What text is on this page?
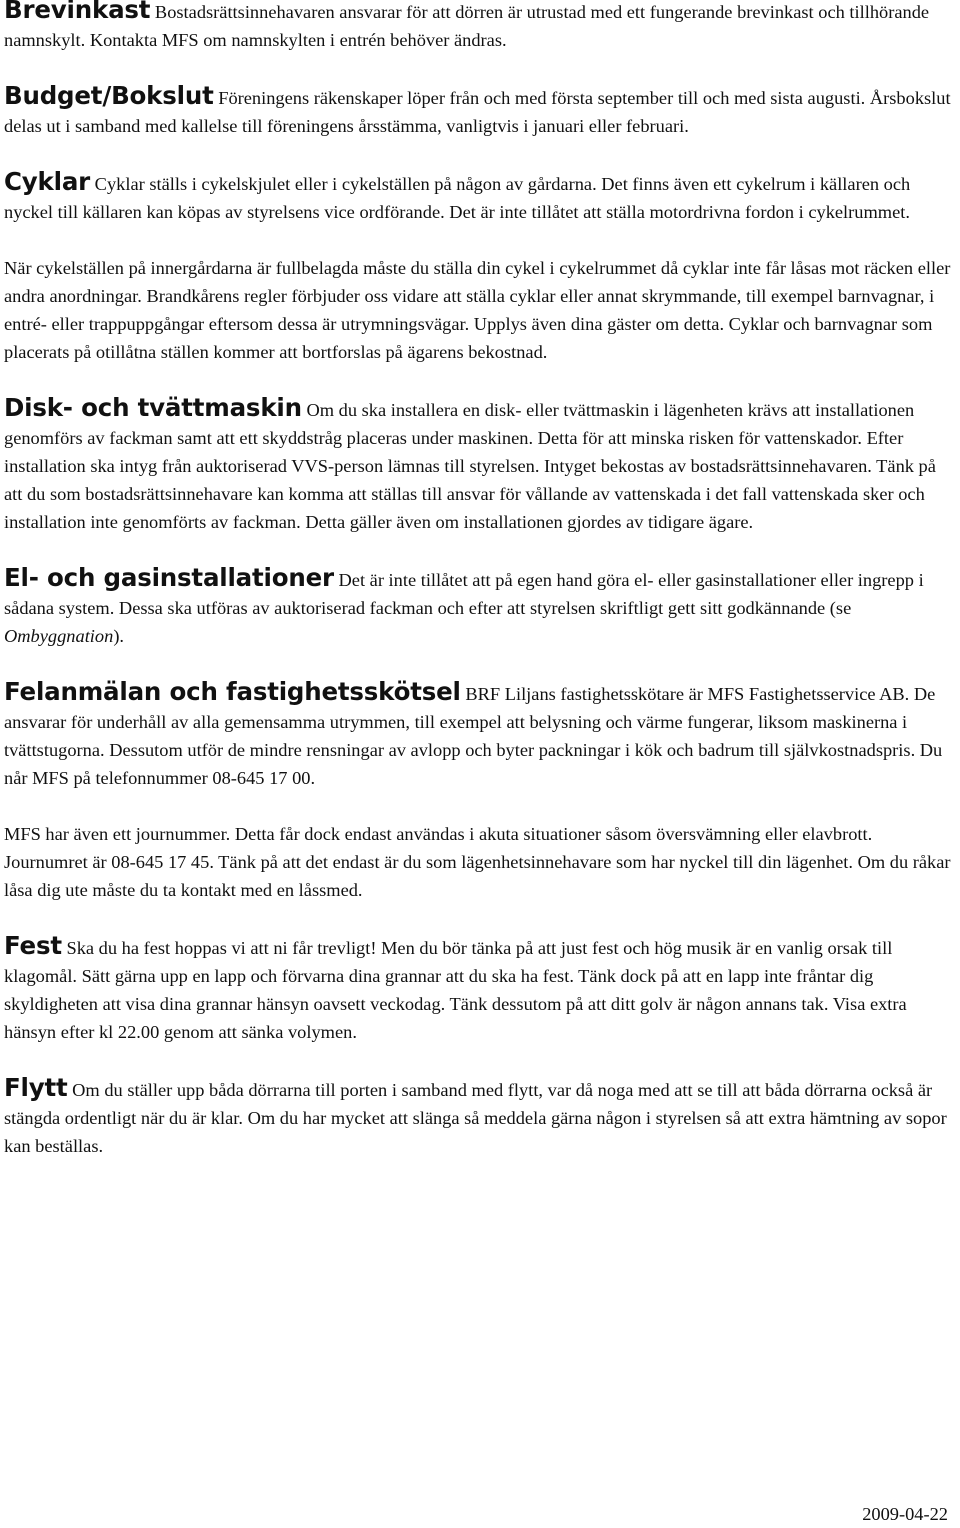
Brevinkast Bostadsrättsinnehavaren ansvarar för att dörren är utrustad med ett fungerande brevinkast och tillhörande namnskylt. Kontakta MFS om namnskylten i entrén behöver ändras.

Budget/Bokslut Föreningens räkenskaper löper från och med första september till och med sista augusti. Årsbokslut delas ut i samband med kallelse till föreningens årsstämma, vanligtvis i januari eller februari.

Cyklar Cyklar ställs i cykelskjulet eller i cykelställen på någon av gårdarna. Det finns även ett cykelrum i källaren och nyckel till källaren kan köpas av styrelsens vice ordförande. Det är inte tillåtet att ställa motordrivna fordon i cykelrummet.

När cykelställen på innergårdarna är fullbelagda måste du ställa din cykel i cykelrummet då cyklar inte får låsas mot räcken eller andra anordningar. Brandkårens regler förbjuder oss vidare att ställa cyklar eller annat skrymmande, till exempel barnvagnar, i entré- eller trappuppgångar eftersom dessa är utrymningsvägar. Upplys även dina gäster om detta. Cyklar och barnvagnar som placerats på otillåtna ställen kommer att bortforslas på ägarens bekostnad.

Disk- och tvättmaskin Om du ska installera en disk- eller tvättmaskin i lägenheten krävs att installationen genomförs av fackman samt att ett skyddstråg placeras under maskinen. Detta för att minska risken för vattenskador. Efter installation ska intyg från auktoriserad VVS-person lämnas till styrelsen. Intyget bekostas av bostadsrättsinnehavaren. Tänk på att du som bostadsrättsinnehavare kan komma att ställas till ansvar för vållande av vattenskada i det fall vattenskada sker och installation inte genomförts av fackman. Detta gäller även om installationen gjordes av tidigare ägare.

El- och gasinstallationer Det är inte tillåtet att på egen hand göra el- eller gasinstallationer eller ingrepp i sådana system. Dessa ska utföras av auktoriserad fackman och efter att styrelsen skriftligt gett sitt godkännande (se Ombyggnation).

Felanmälan och fastighetsskötsel BRF Liljans fastighetsskötare är MFS Fastighetsservice AB. De ansvarar för underhåll av alla gemensamma utrymmen, till exempel att belysning och värme fungerar, liksom maskinerna i tvättstugorna. Dessutom utför de mindre rensningar av avlopp och byter packningar i kök och badrum till självkostnadspris. Du når MFS på telefonnummer 08-645 17 00.

MFS har även ett journummer. Detta får dock endast användas i akuta situationer såsom översvämning eller elavbrott. Journumret är 08-645 17 45. Tänk på att det endast är du som lägenhetsinnehavare som har nyckel till din lägenhet. Om du råkar låsa dig ute måste du ta kontakt med en låssmed.

Fest Ska du ha fest hoppas vi att ni får trevligt! Men du bör tänka på att just fest och hög musik är en vanlig orsak till klagomål. Sätt gärna upp en lapp och förvarna dina grannar att du ska ha fest. Tänk dock på att en lapp inte fråntar dig skyldigheten att visa dina grannar hänsyn oavsett veckodag. Tänk dessutom på att ditt golv är någon annans tak. Visa extra hänsyn efter kl 22.00 genom att sänka volymen.

Flytt Om du ställer upp båda dörrarna till porten i samband med flytt, var då noga med att se till att båda dörrarna också är stängda ordentligt när du är klar. Om du har mycket att slänga så meddela gärna någon i styrelsen så att extra hämtning av sopor kan beställas.

2009-04-22
